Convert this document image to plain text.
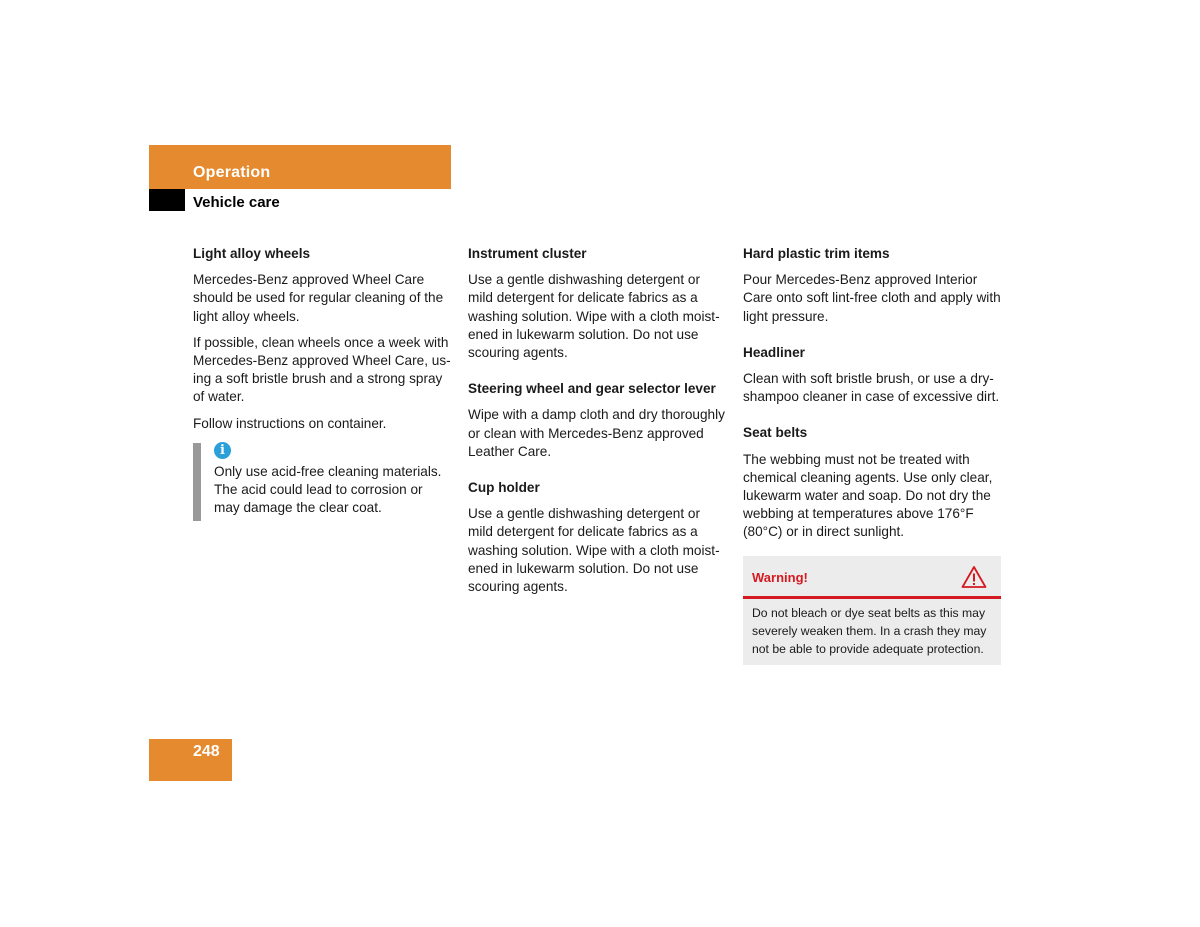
Operation
Vehicle care
Light alloy wheels

Mercedes-Benz approved Wheel Care should be used for regular cleaning of the light alloy wheels.

If possible, clean wheels once a week with Mercedes-Benz approved Wheel Care, us-ing a soft bristle brush and a strong spray of water.

Follow instructions on container.

i

Only use acid-free cleaning materials. The acid could lead to corrosion or may damage the clear coat.

Instrument cluster

Use a gentle dishwashing detergent or mild detergent for delicate fabrics as a washing solution. Wipe with a cloth moist-ened in lukewarm solution. Do not use scouring agents.

Steering wheel and gear selector lever

Wipe with a damp cloth and dry thoroughly or clean with Mercedes-Benz approved Leather Care.

Cup holder

Use a gentle dishwashing detergent or mild detergent for delicate fabrics as a washing solution. Wipe with a cloth moist-ened in lukewarm solution. Do not use scouring agents.

Hard plastic trim items

Pour Mercedes-Benz approved Interior Care onto soft lint-free cloth and apply with light pressure.

Headliner

Clean with soft bristle brush, or use a dry-shampoo cleaner in case of excessive dirt.

Seat belts

The webbing must not be treated with chemical cleaning agents. Use only clear, lukewarm water and soap. Do not dry the webbing at temperatures above 176°F (80°C) or in direct sunlight.

Warning!
Do not bleach or dye seat belts as this may severely weaken them. In a crash they may not be able to provide adequate protection.
248
